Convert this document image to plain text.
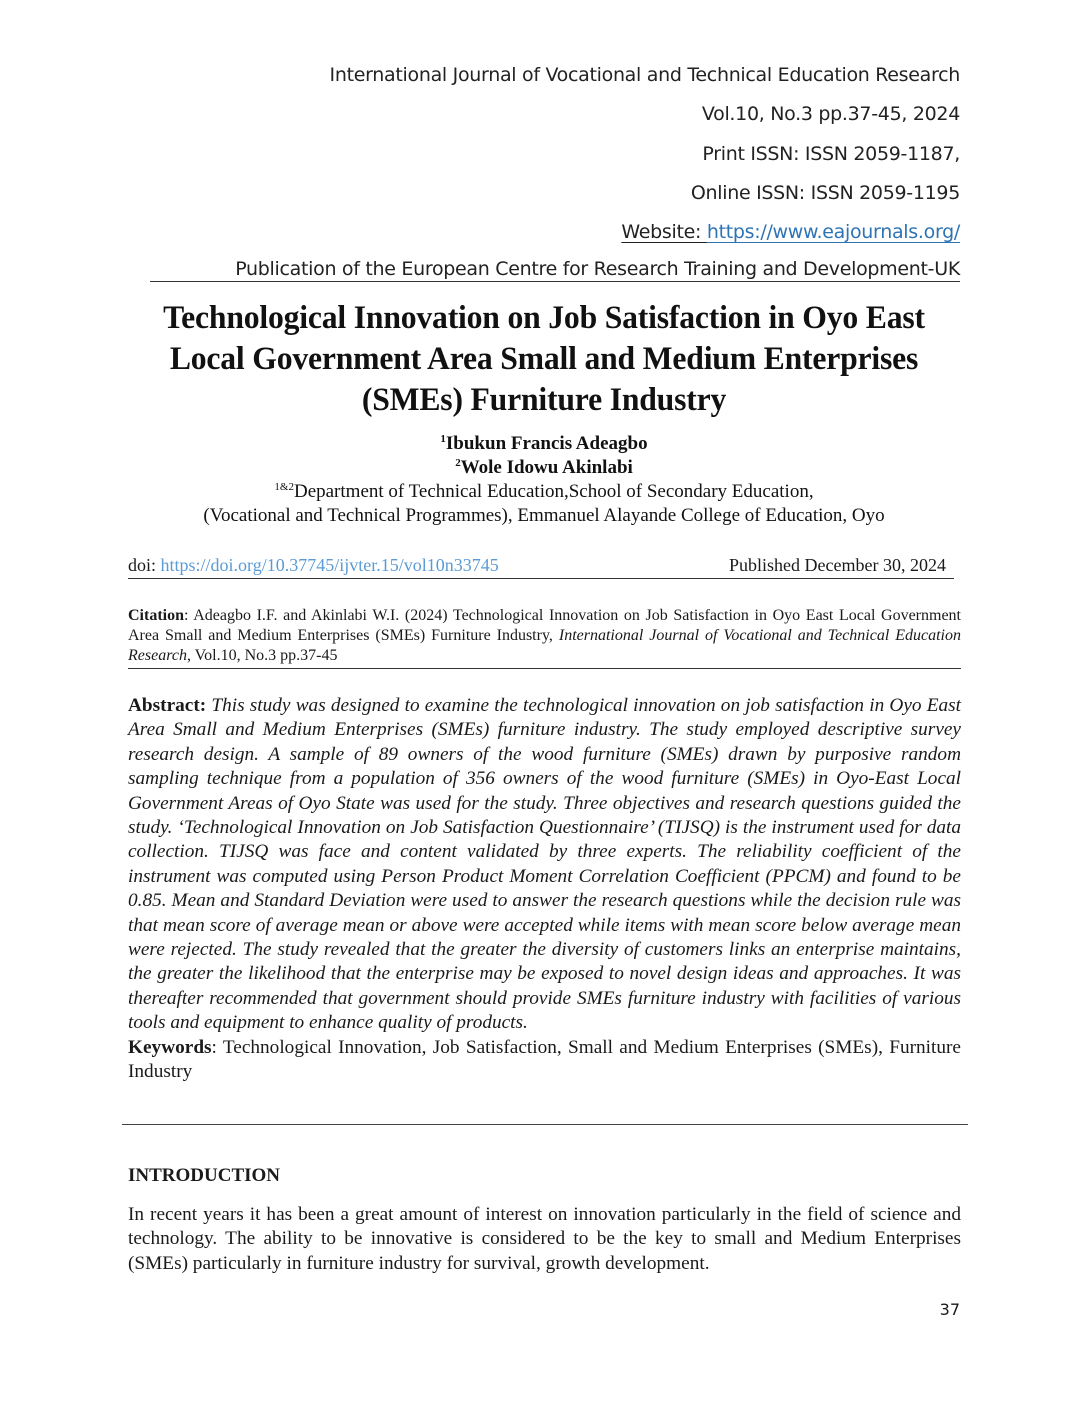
International Journal of Vocational and Technical Education Research
Vol.10, No.3 pp.37-45, 2024
Print ISSN: ISSN 2059-1187,
Online ISSN: ISSN 2059-1195
Website: https://www.eajournals.org/
Publication of the European Centre for Research Training and Development-UK
Technological Innovation on Job Satisfaction in Oyo East Local Government Area Small and Medium Enterprises (SMEs) Furniture Industry
$^1$Ibukun Francis Adeagbo
$^2$Wole Idowu Akinlabi
$^{1\&2}$Department of Technical Education,School of Secondary Education,
(Vocational and Technical Programmes), Emmanuel Alayande College of Education, Oyo
doi: https://doi.org/10.37745/ijvter.15/vol10n33745	Published December 30, 2024
Citation: Adeagbo I.F. and Akinlabi W.I. (2024) Technological Innovation on Job Satisfaction in Oyo East Local Government Area Small and Medium Enterprises (SMEs) Furniture Industry, International Journal of Vocational and Technical Education Research, Vol.10, No.3 pp.37-45
Abstract: This study was designed to examine the technological innovation on job satisfaction in Oyo East Area Small and Medium Enterprises (SMEs) furniture industry. The study employed descriptive survey research design. A sample of 89 owners of the wood furniture (SMEs) drawn by purposive random sampling technique from a population of 356 owners of the wood furniture (SMEs) in Oyo-East Local Government Areas of Oyo State was used for the study. Three objectives and research questions guided the study. ‘Technological Innovation on Job Satisfaction Questionnaire’ (TIJSQ) is the instrument used for data collection. TIJSQ was face and content validated by three experts. The reliability coefficient of the instrument was computed using Person Product Moment Correlation Coefficient (PPCM) and found to be 0.85. Mean and Standard Deviation were used to answer the research questions while the decision rule was that mean score of average mean or above were accepted while items with mean score below average mean were rejected. The study revealed that the greater the diversity of customers links an enterprise maintains, the greater the likelihood that the enterprise may be exposed to novel design ideas and approaches. It was thereafter recommended that government should provide SMEs furniture industry with facilities of various tools and equipment to enhance quality of products.
Keywords: Technological Innovation, Job Satisfaction, Small and Medium Enterprises (SMEs), Furniture Industry
INTRODUCTION
In recent years it has been a great amount of interest on innovation particularly in the field of science and technology. The ability to be innovative is considered to be the key to small and Medium Enterprises (SMEs) particularly in furniture industry for survival, growth development.
37
